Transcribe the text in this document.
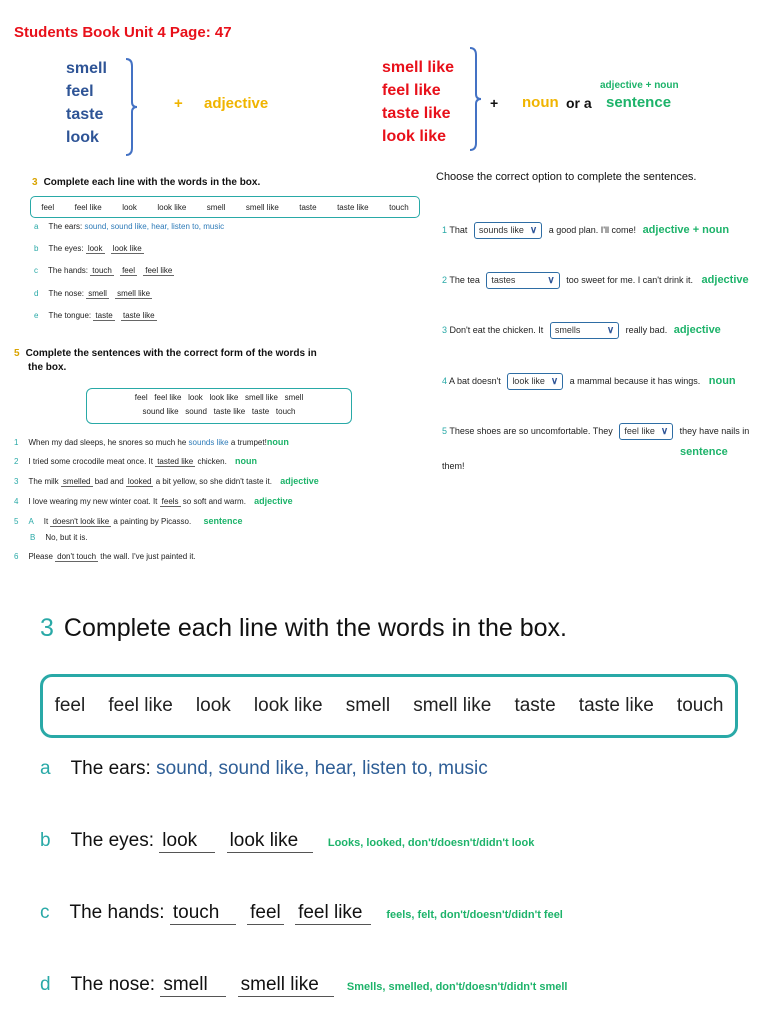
Students Book Unit 4 Page: 47
smell
feel
taste
look
+ adjective
smell like
feel like
taste like
look like
+ noun or a sentence
adjective + noun
3 Complete each line with the words in the box.
feel	feel like	look	look like	smell	smell like	taste	taste like	touch
a The ears: sound, sound like, hear, listen to, music
b The eyes: look look like
c The hands: touch feel feel like
d The nose: smell smell like
e The tongue: taste taste like
5 Complete the sentences with the correct form of the words in
the box.
feel   feel like   look   look like   smell like   smell
sound like   sound   taste like   taste   touch
1 When my dad sleeps, he snores so much he sounds like a trumpet!noun
2 I tried some crocodile meat once. It tasted like chicken. noun
3 The milk smelled bad and looked a bit yellow, so she didn't taste it. adjective
4 I love wearing my new winter coat. It feels so soft and warm. adjective
5 A It doesn't look like a painting by Picasso. sentence
B No, but it is.
6 Please don't touch the wall. I've just painted it.
Choose the correct option to complete the sentences.
1 That sounds like ∨ a good plan. I'll come! adjective + noun
2 The tea tastes	∨ too sweet for me. I can't drink it. adjective
3 Don't eat the chicken. It smells	∨ really bad. adjective
4 A bat doesn't look like ∨ a mammal because it has wings. noun
5 These shoes are so uncomfortable. They feel like ∨ they have nails in
sentence
them!
3 Complete each line with the words in the box.
feel feel like look look like smell smell like taste taste like touch
a The ears: sound, sound like, hear, listen to, music
b The eyes: look look like	Looks, looked, don't/doesn't/didn't look
c The hands: touch feel feel like feels, felt, don't/doesn't/didn't feel
d The nose: smell smell like	Smells, smelled, don't/doesn't/didn't smell
